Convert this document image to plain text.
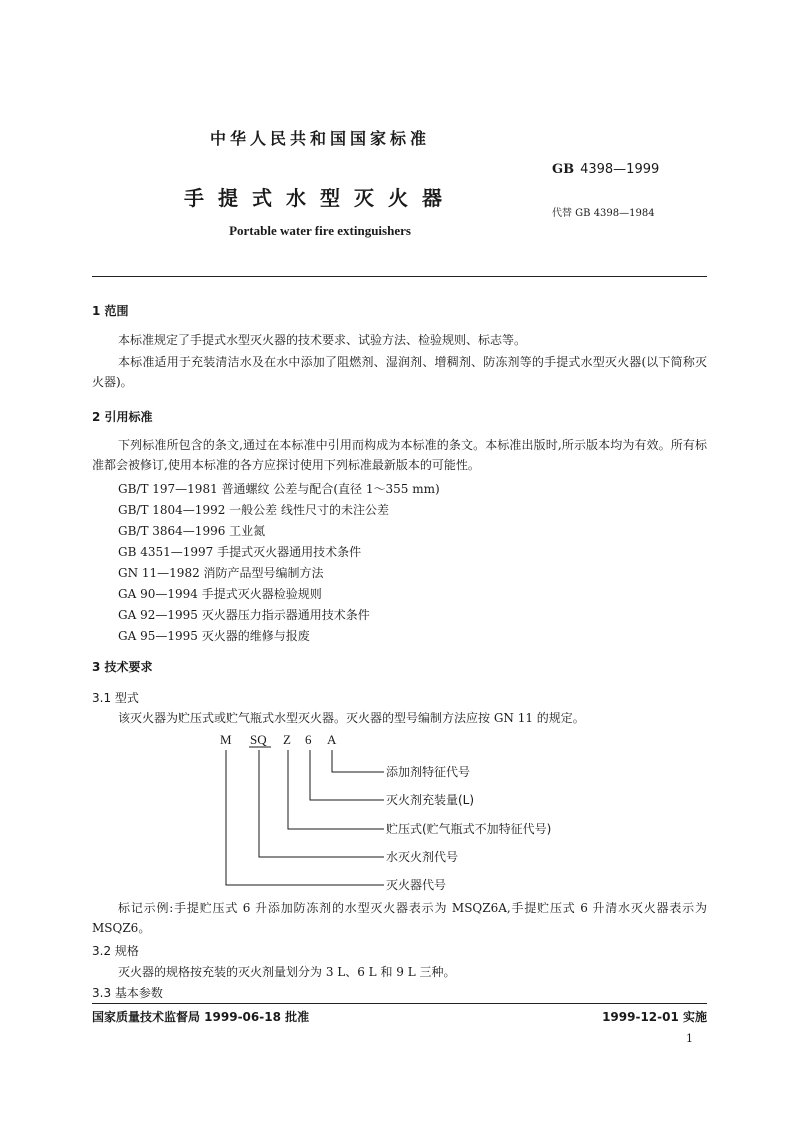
中华人民共和国国家标准
手提式水型灭火器
Portable water fire extinguishers
GB 4398—1999
代替 GB 4398—1984
1 范围
本标准规定了手提式水型灭火器的技术要求、试验方法、检验规则、标志等。
本标准适用于充装清洁水及在水中添加了阻燃剂、湿润剂、增稠剂、防冻剂等的手提式水型灭火器(以下简称灭火器)。
2 引用标准
下列标准所包含的条文,通过在本标准中引用而构成为本标准的条文。本标准出版时,所示版本均为有效。所有标准都会被修订,使用本标准的各方应探讨使用下列标准最新版本的可能性。
GB/T 197—1981 普通螺纹 公差与配合(直径 1～355 mm)
GB/T 1804—1992 一般公差 线性尺寸的未注公差
GB/T 3864—1996 工业氮
GB 4351—1997 手提式灭火器通用技术条件
GN 11—1982 消防产品型号编制方法
GA 90—1994 手提式灭火器检验规则
GA 92—1995 灭火器压力指示器通用技术条件
GA 95—1995 灭火器的维修与报废
3 技术要求
3.1 型式
该灭火器为贮压式或贮气瓶式水型灭火器。灭火器的型号编制方法应按 GN 11 的规定。
M SQ Z 6 A
添加剂特征代号
灭火剂充装量(L)
贮压式(贮气瓶式不加特征代号)
水灭火剂代号
灭火器代号
标记示例:手提贮压式 6 升添加防冻剂的水型灭火器表示为 MSQZ6A,手提贮压式 6 升清水灭火器表示为 MSQZ6。
3.2 规格
灭火器的规格按充装的灭火剂量划分为 3 L、6 L 和 9 L 三种。
3.3 基本参数
国家质量技术监督局 1999-06-18 批准	1999-12-01 实施
1
